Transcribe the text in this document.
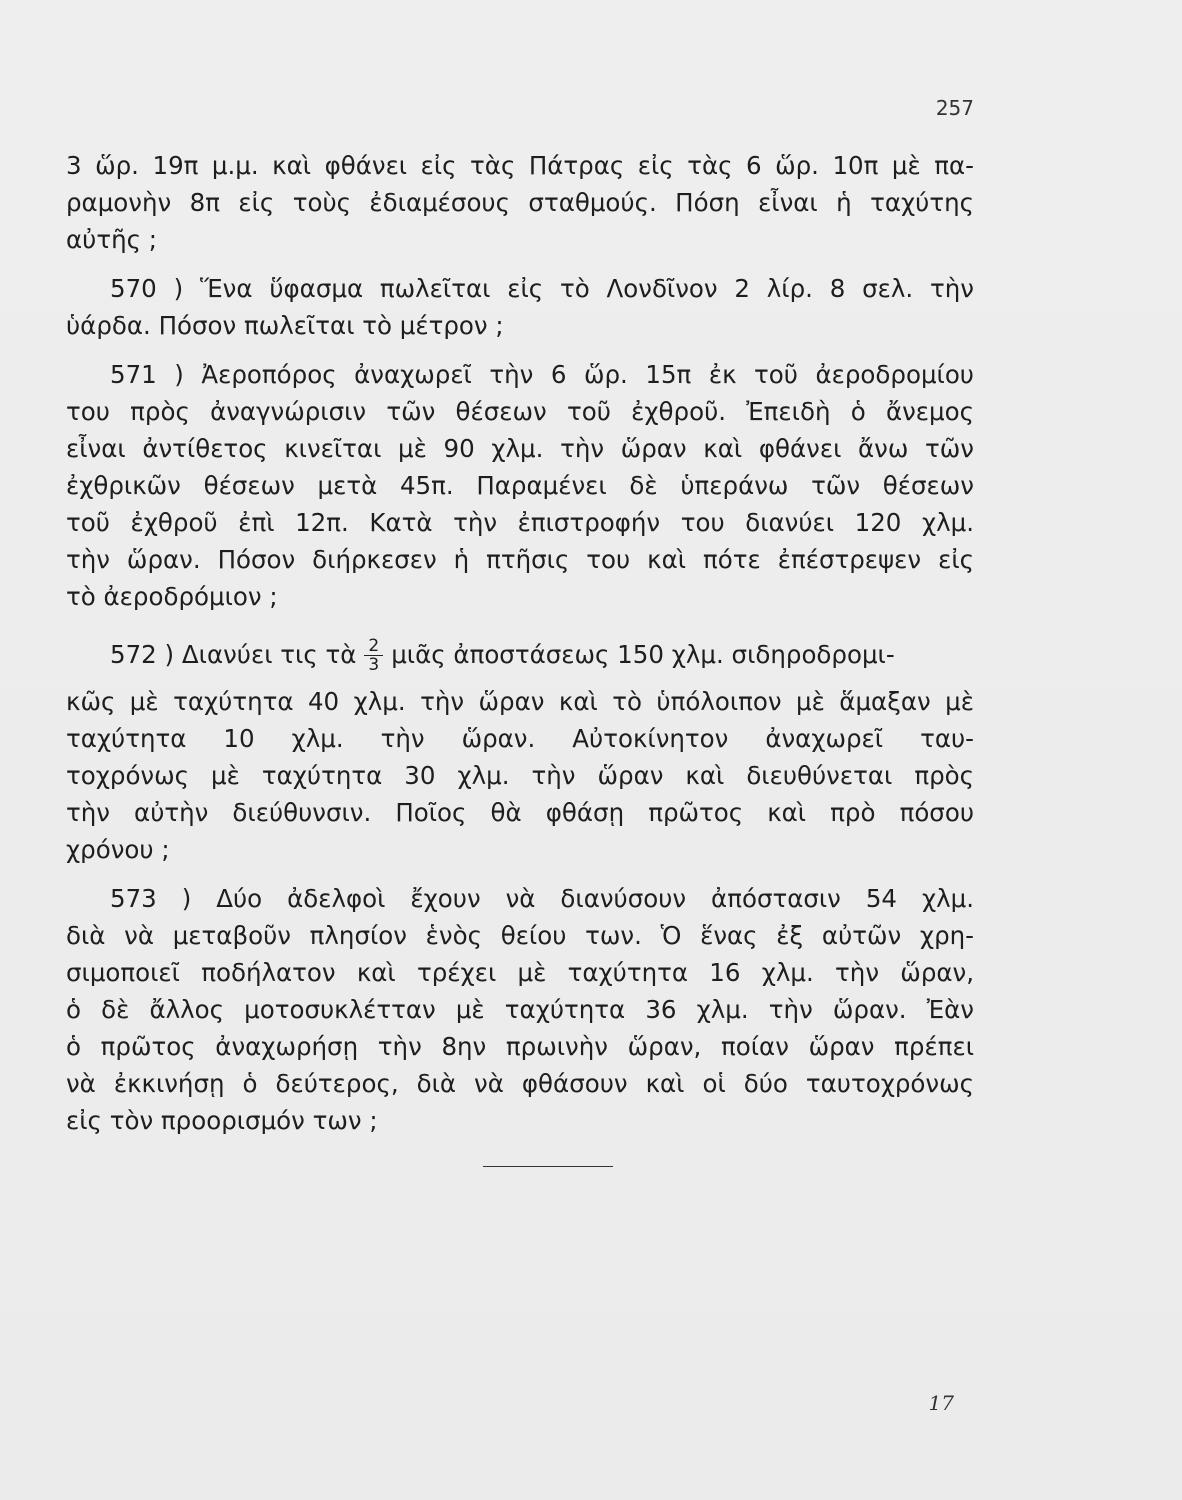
257
3 ὥρ. 19π μ.μ. καὶ φθάνει εἰς τὰς Πάτρας εἰς τὰς 6 ὥρ. 10π μὲ πα-
ραμονὴν 8π εἰς τοὺς ἐδιαμέσους σταθμούς. Πόση εἶναι ἡ ταχύτης
αὐτῆς ;
570 ) Ἕνα ὕφασμα πωλεῖται εἰς τὸ Λονδῖνον 2 λίρ. 8 σελ. τὴν
ὑάρδα. Πόσον πωλεῖται τὸ μέτρον ;
571 ) Ἀεροπόρος ἀναχωρεῖ τὴν 6 ὥρ. 15π ἐκ τοῦ ἀεροδρομίου
του πρὸς ἀναγνώρισιν τῶν θέσεων τοῦ ἐχθροῦ. Ἐπειδὴ ὁ ἄνεμος
εἶναι ἀντίθετος κινεῖται μὲ 90 χλμ. τὴν ὥραν καὶ φθάνει ἄνω τῶν
ἐχθρικῶν θέσεων μετὰ 45π. Παραμένει δὲ ὑπεράνω τῶν θέσεων
τοῦ ἐχθροῦ ἐπὶ 12π. Κατὰ τὴν ἐπιστροφήν του διανύει 120 χλμ.
τὴν ὥραν. Πόσον διήρκεσεν ἡ πτῆσις του καὶ πότε ἐπέστρεψεν εἰς
τὸ ἀεροδρόμιον ;
572 ) Διανύει τις τὰ $\frac{2}{3}$ μιᾶς ἀποστάσεως 150 χλμ. σιδηροδρομι-
κῶς μὲ ταχύτητα 40 χλμ. τὴν ὥραν καὶ τὸ ὑπόλοιπον μὲ ἅμαξαν μὲ
ταχύτητα 10 χλμ. τὴν ὥραν. Αὐτοκίνητον ἀναχωρεῖ ταυ-
τοχρόνως μὲ ταχύτητα 30 χλμ. τὴν ὥραν καὶ διευθύνεται πρὸς
τὴν αὐτὴν διεύθυνσιν. Ποῖος θὰ φθάσῃ πρῶτος καὶ πρὸ πόσου
χρόνου ;
573 ) Δύο ἀδελφοὶ ἔχουν νὰ διανύσουν ἀπόστασιν 54 χλμ.
διὰ νὰ μεταβοῦν πλησίον ἑνὸς θείου των. Ὁ ἕνας ἐξ αὐτῶν χρη-
σιμοποιεῖ ποδήλατον καὶ τρέχει μὲ ταχύτητα 16 χλμ. τὴν ὥραν,
ὁ δὲ ἄλλος μοτοσυκλέτταν μὲ ταχύτητα 36 χλμ. τὴν ὥραν. Ἐὰν
ὁ πρῶτος ἀναχωρήσῃ τὴν 8ην πρωινὴν ὥραν, ποίαν ὥραν πρέπει
νὰ ἐκκινήσῃ ὁ δεύτερος, διὰ νὰ φθάσουν καὶ οἱ δύο ταυτοχρόνως
εἰς τὸν προορισμόν των ;
17
